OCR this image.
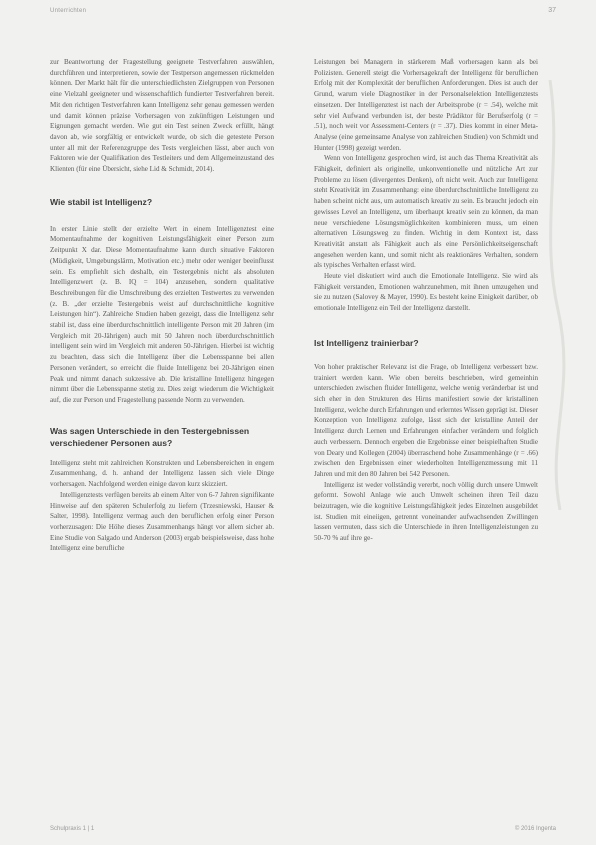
Unterrichten	37

zur Beantwortung der Fragestellung geeignete Testverfahren auswählen, durchführen und interpretieren, sowie der Testperson angemessen rückmelden können. Der Markt hält für die unterschiedlichsten Zielgruppen von Personen eine Vielzahl geeigneter und wissenschaftlich fundierter Testverfahren bereit. Mit den richtigen Testverfahren kann Intelligenz sehr genau gemessen werden und damit können präzise Vorhersagen von zukünftigen Leistungen und Eignungen gemacht werden. Wie gut ein Test seinen Zweck erfüllt, hängt davon ab, wie sorgfältig er entwickelt wurde, ob sich die getestete Person unter all mit der Referenzgruppe des Tests vergleichen lässt, aber auch von Faktoren wie der Qualifikation des Testleiters und dem Allgemeinzustand des Klienten (für eine Übersicht, siehe Lid & Schmidt, 2014).

Wie stabil ist Intelligenz?

In erster Linie stellt der erzielte Wert in einem Intelligenztest eine Momentaufnahme der kognitiven Leistungsfähigkeit einer Person zum Zeitpunkt X dar. Diese Momentaufnahme kann durch situative Faktoren (Müdigkeit, Umgebungslärm, Motivation etc.) mehr oder weniger beeinflusst sein. Es empfiehlt sich deshalb, ein Testergebnis nicht als absoluten Intelligenzwert (z. B. IQ = 104) anzusehen, sondern qualitative Beschreibungen für die Umschreibung des erzielten Testwertes zu verwenden (z. B. „der erzielte Testergebnis weist auf durchschnittliche kognitive Leistungen hin“). Zahlreiche Studien haben gezeigt, dass die Intelligenz sehr stabil ist, dass eine überdurchschnittlich intelligente Person mit 20 Jahren (im Vergleich mit 20-Jährigen) auch mit 50 Jahren noch überdurchschnittlich intelligent sein wird im Vergleich mit anderen 50-Jährigen. Hierbei ist wichtig zu beachten, dass sich die Intelligenz über die Lebensspanne bei allen Personen verändert, so erreicht die fluide Intelligenz bei 20-Jährigen einen Peak und nimmt danach sukzessive ab. Die kristalline Intelligenz hingegen nimmt über die Lebensspanne stetig zu. Dies zeigt wiederum die Wichtigkeit auf, die zur Person und Fragestellung passende Norm zu verwenden.

Was sagen Unterschiede in den Testergebnissen verschiedener Personen aus?

Intelligenz steht mit zahlreichen Konstrukten und Lebensbereichen in engem Zusammenhang, d. h. anhand der Intelligenz lassen sich viele Dinge vorhersagen. Nachfolgend werden einige davon kurz skizziert.

Intelligenztests verfügen bereits ab einem Alter von 6-7 Jahren signifikante Hinweise auf den späteren Schulerfolg zu liefern (Trzesniewski, Hauser & Salter, 1998). Intelligenz vermag auch den beruflichen erfolg einer Person vorherzusagen: Die Höhe dieses Zusammenhangs hängt vor allem sicher ab. Eine Studie von Salgado und Anderson (2003) ergab beispielsweise, dass hohe Intelligenz eine berufliche

Leistungen bei Managern in stärkerem Maß vorhersagen kann als bei Polizisten. Generell steigt die Vorhersagekraft der Intelligenz für beruflichen Erfolg mit der Komplexität der beruflichen Anforderungen. Dies ist auch der Grund, warum viele Diagnostiker in der Personalselektion Intelligenztests einsetzen. Der Intelligenztest ist nach der Arbeitsprobe (r = .54), welche mit sehr viel Aufwand verbunden ist, der beste Prädiktor für Berufserfolg (r = .51), noch weit vor Assessment-Centers (r = .37). Dies kommt in einer Meta-Analyse (eine gemeinsame Analyse von zahlreichen Studien) von Schmidt und Hunter (1998) gezeigt werden.

Wenn von Intelligenz gesprochen wird, ist auch das Thema Kreativität als Fähigkeit, definiert als originelle, unkonventionelle und nützliche Art zur Probleme zu lösen (divergentes Denken), oft nicht weit. Auch zur Intelligenz steht Kreativität im Zusammenhang: eine überdurchschnittliche Intelligenz zu haben scheint nicht aus, um automatisch kreativ zu sein. Es braucht jedoch ein gewisses Level an Intelligenz, um überhaupt kreativ sein zu können, da man neue verschiedene Lösungsmöglichkeiten kombinieren muss, um einen alternativen Lösungsweg zu finden. Wichtig in dem Kontext ist, dass Kreativität anstatt als Fähigkeit auch als eine Persönlichkeitseigenschaft angesehen werden kann, und somit nicht als reaktionäres Verhalten, sondern als typisches Verhalten erfasst wird.

Heute viel diskutiert wird auch die Emotionale Intelligenz. Sie wird als Fähigkeit verstanden, Emotionen wahrzunehmen, mit ihnen umzugehen und sie zu nutzen (Salovey & Mayer, 1990). Es besteht keine Einigkeit darüber, ob emotionale Intelligenz ein Teil der Intelligenz darstellt.

Ist Intelligenz trainierbar?

Von hoher praktischer Relevanz ist die Frage, ob Intelligenz verbessert bzw. trainiert werden kann. Wie oben bereits beschrieben, wird gemeinhin unterschieden zwischen fluider Intelligenz, welche wenig veränderbar ist und sich eher in den Strukturen des Hirns manifestiert sowie der kristallinen Intelligenz, welche durch Erfahrungen und erlerntes Wissen geprägt ist. Dieser Konzeption von Intelligenz zufolge, lässt sich der kristalline Anteil der Intelligenz durch Lernen und Erfahrungen einfacher verändern und folglich auch verbessern. Dennoch ergeben die Ergebnisse einer beispielhaften Studie von Deary und Kollegen (2004) überraschend hohe Zusammenhänge (r = .66) zwischen den Ergebnissen einer wiederholten Intelligenzmessung mit 11 Jahren und mit den 80 Jahren bei 542 Personen.

Intelligenz ist weder vollständig vererbt, noch völlig durch unsere Umwelt geformt. Sowohl Anlage wie auch Umwelt scheinen ihren Teil dazu beizutragen, wie die kognitive Leistungsfähigkeit jedes Einzelnen ausgebildet ist. Studien mit eineiigen, getrennt voneinander aufwachsenden Zwillingen lassen vermuten, dass sich die Unterschiede in ihren Intelligenzleistungen zu 50-70 % auf ihre ge-

Schulpraxis 1 | 1	© 2016 Ingenta
